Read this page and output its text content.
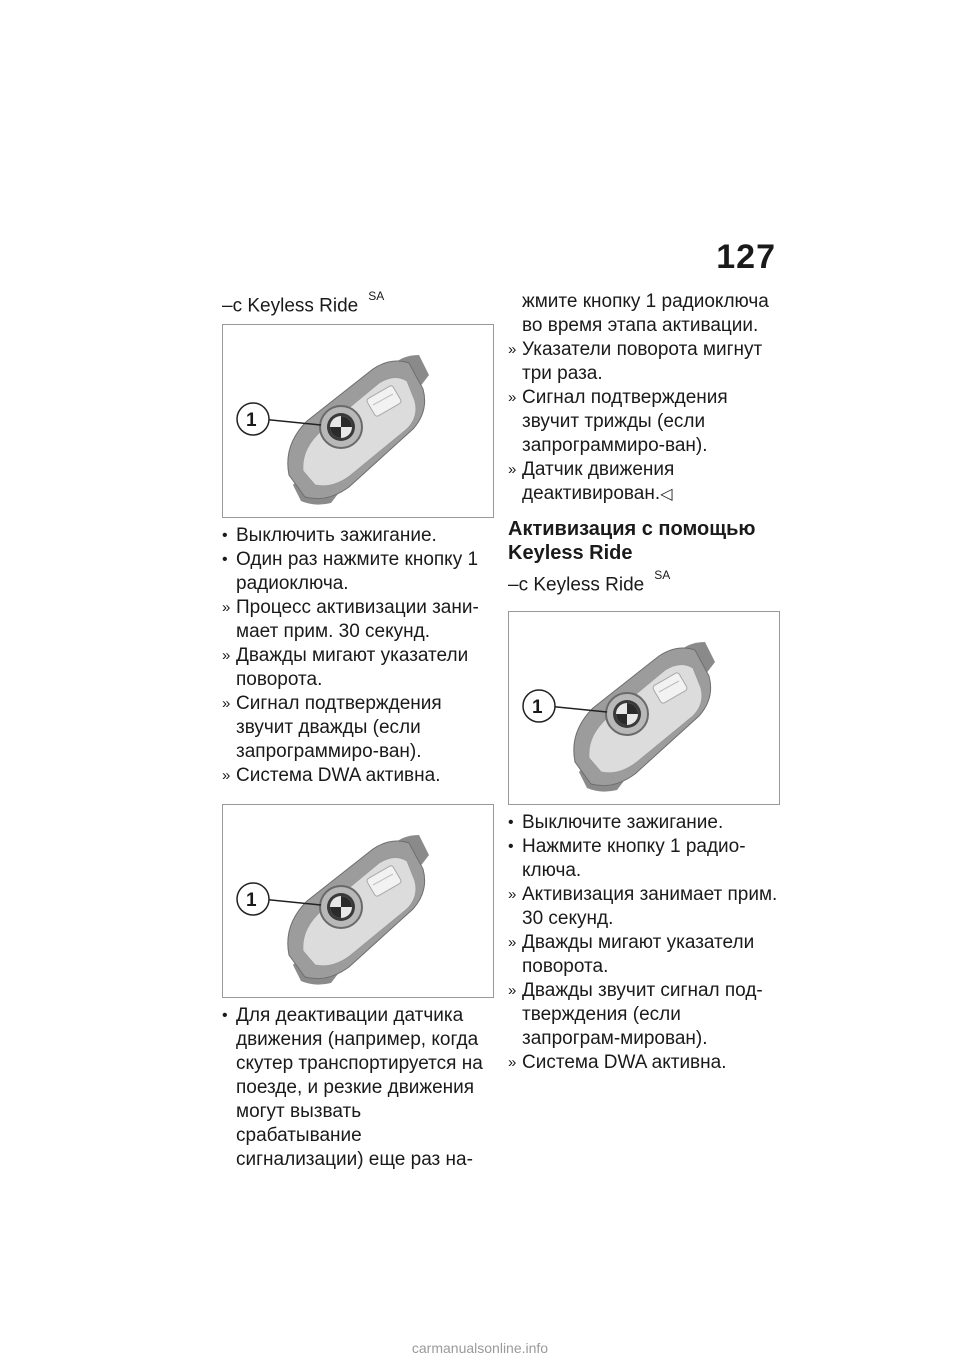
127

–с Keyless Ride $^{SA}$

1

• Выключить зажигание.

• Один раз нажмите кнопку 1 радиоключа.

» Процесс активизации зани-мает прим. 30 секунд.

» Дважды мигают указатели поворота.

» Сигнал подтверждения звучит дважды (если запрограммиро-ван).

» Система DWA активна.

1

• Для деактивации датчика движения (например, когда скутер транспортируется на поезде, и резкие движения могут вызвать срабатывание сигнализации) еще раз на-

жмите кнопку 1 радиоключа во время этапа активации.

» Указатели поворота мигнут три раза.

» Сигнал подтверждения звучит трижды (если запрограммиро-ван).

» Датчик движения деактивирован.◁

Активизация с помощью Keyless Ride

–с Keyless Ride $^{SA}$

1

• Выключите зажигание.

• Нажмите кнопку 1 радио-ключа.

» Активизация занимает прим. 30 секунд.

» Дважды мигают указатели поворота.

» Дважды звучит сигнал под-тверждения (если запрограм-мирован).

» Система DWA активна.

carmanualsonline.info
